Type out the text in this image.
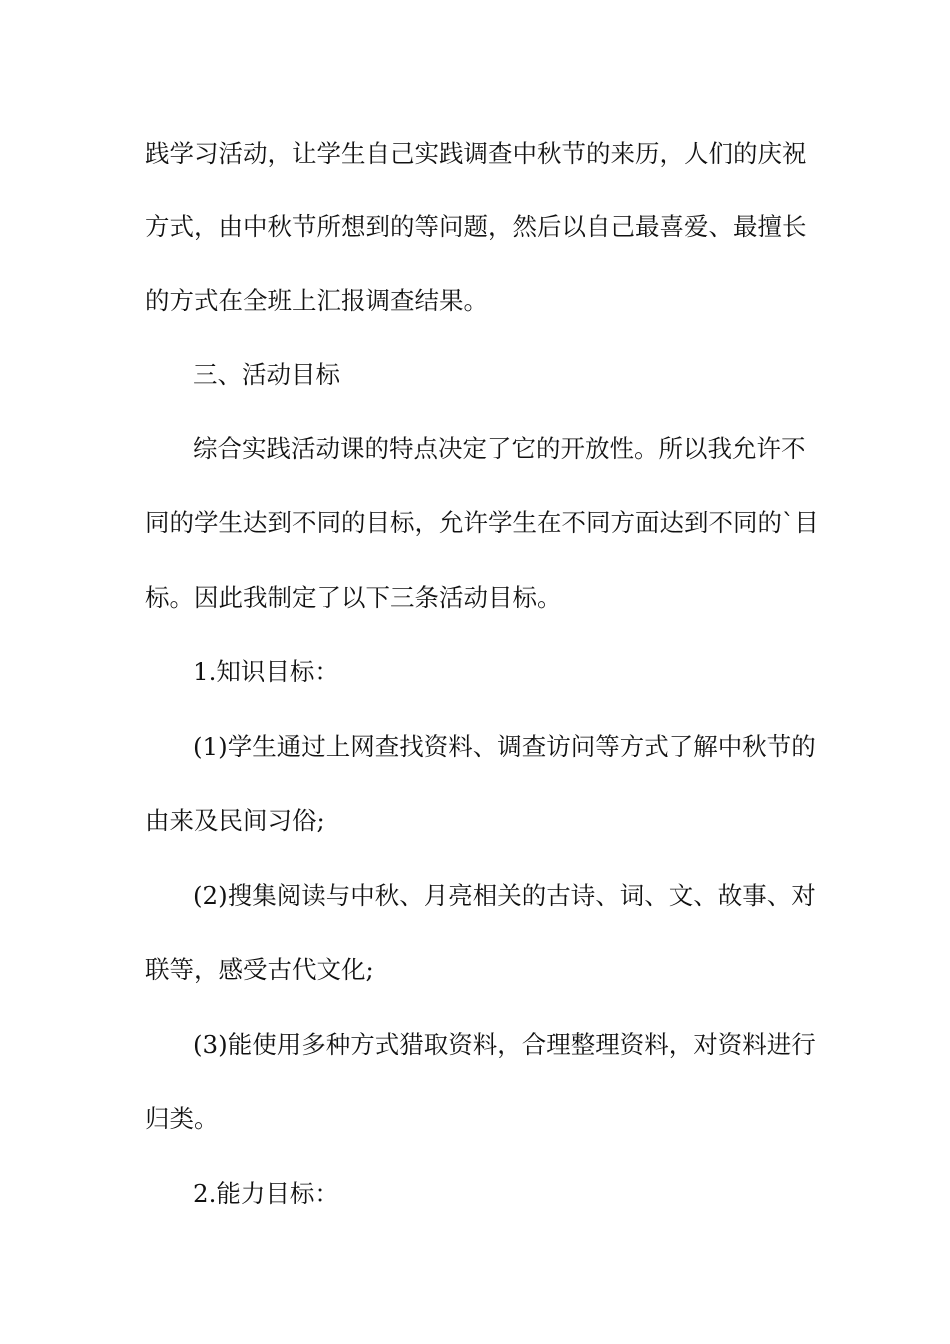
践学习活动，让学生自己实践调查中秋节的来历，人们的庆祝
方式，由中秋节所想到的等问题，然后以自己最喜爱、最擅长
的方式在全班上汇报调查结果。
三、活动目标
综合实践活动课的特点决定了它的开放性。所以我允许不
同的学生达到不同的目标，允许学生在不同方面达到不同的`目
标。因此我制定了以下三条活动目标。
1.知识目标：
(1)学生通过上网查找资料、调查访问等方式了解中秋节的
由来及民间习俗;
(2)搜集阅读与中秋、月亮相关的古诗、词、文、故事、对
联等，感受古代文化;
(3)能使用多种方式猎取资料，合理整理资料，对资料进行
归类。
2.能力目标：
